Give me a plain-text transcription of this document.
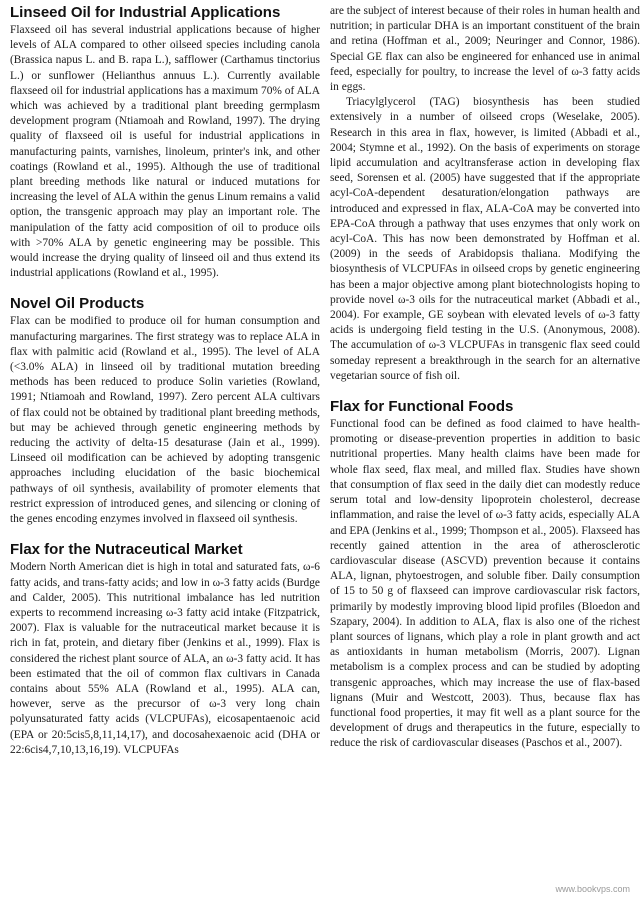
Linseed Oil for Industrial Applications

Flaxseed oil has several industrial applications because of higher levels of ALA compared to other oilseed species including canola (Brassica napus L. and B. rapa L.), safflower (Carthamus tinctorius L.) or sunflower (Helianthus annuus L.). Currently available flaxseed oil for industrial applications has a maximum 70% of ALA which was achieved by a traditional plant breeding germplasm development program (Ntiamoah and Rowland, 1997). The drying quality of flaxseed oil is useful for industrial applications in manufacturing paints, varnishes, linoleum, printer's ink, and other coatings (Rowland et al., 1995). Although the use of traditional plant breeding methods like natural or induced mutations for increasing the level of ALA within the genus Linum remains a valid option, the transgenic approach may play an important role. The manipulation of the fatty acid composition of oil to produce oils with >70% ALA by genetic engineering may be possible. This would increase the drying quality of linseed oil and thus extend its industrial applications (Rowland et al., 1995).

Novel Oil Products

Flax can be modified to produce oil for human consumption and manufacturing margarines. The first strategy was to replace ALA in flax with palmitic acid (Rowland et al., 1995). The level of ALA (<3.0% ALA) in linseed oil by traditional mutation breeding methods has been reduced to produce Solin varieties (Rowland, 1991; Ntiamoah and Rowland, 1997). Zero percent ALA cultivars of flax could not be obtained by traditional plant breeding methods, but may be achieved through genetic engineering methods by reducing the activity of delta-15 desaturase (Jain et al., 1999). Linseed oil modification can be achieved by adopting transgenic approaches including elucidation of the basic biochemical pathways of oil synthesis, availability of promoter elements that restrict expression of introduced genes, and silencing or cloning of the genes encoding enzymes involved in flaxseed oil synthesis.

Flax for the Nutraceutical Market

Modern North American diet is high in total and saturated fats, ω-6 fatty acids, and trans-fatty acids; and low in ω-3 fatty acids (Burdge and Calder, 2005). This nutritional imbalance has led nutrition experts to recommend increasing ω-3 fatty acid intake (Fitzpatrick, 2007). Flax is valuable for the nutraceutical market because it is rich in fat, protein, and dietary fiber (Jenkins et al., 1999). Flax is considered the richest plant source of ALA, an ω-3 fatty acid. It has been estimated that the oil of common flax cultivars in Canada contains about 55% ALA (Rowland et al., 1995). ALA can, however, serve as the precursor of ω-3 very long chain polyunsaturated fatty acids (VLCPUFAs), eicosapentaenoic acid (EPA or 20:5cis5,8,11,14,17), and docosahexaenoic acid (DHA or 22:6cis4,7,10,13,16,19). VLCPUFAs

are the subject of interest because of their roles in human health and nutrition; in particular DHA is an important constituent of the brain and retina (Hoffman et al., 2009; Neuringer and Connor, 1986). Special GE flax can also be engineered for enhanced use in animal feed, especially for poultry, to increase the level of ω-3 fatty acids in eggs.

Triacylglycerol (TAG) biosynthesis has been studied extensively in a number of oilseed crops (Weselake, 2005). Research in this area in flax, however, is limited (Abbadi et al., 2004; Stymne et al., 1992). On the basis of experiments on storage lipid accumulation and acyltransferase action in developing flax seed, Sorensen et al. (2005) have suggested that if the appropriate acyl-CoA-dependent desaturation/elongation pathways are introduced and expressed in flax, ALA-CoA may be converted into EPA-CoA through a pathway that uses enzymes that only work on acyl-CoA. This has now been demonstrated by Hoffman et al. (2009) in the seeds of Arabidopsis thaliana. Modifying the biosynthesis of VLCPUFAs in oilseed crops by genetic engineering has been a major objective among plant biotechnologists hoping to provide novel ω-3 oils for the nutraceutical market (Abbadi et al., 2004). For example, GE soybean with elevated levels of ω-3 fatty acids is undergoing field testing in the U.S. (Anonymous, 2008). The accumulation of ω-3 VLCPUFAs in transgenic flax seed could someday represent a breakthrough in the search for an alternative vegetarian source of fish oil.

Flax for Functional Foods

Functional food can be defined as food claimed to have health-promoting or disease-prevention properties in addition to basic nutritional properties. Many health claims have been made for whole flax seed, flax meal, and milled flax. Studies have shown that consumption of flax seed in the daily diet can modestly reduce serum total and low-density lipoprotein cholesterol, decrease inflammation, and raise the level of ω-3 fatty acids, especially ALA and EPA (Jenkins et al., 1999; Thompson et al., 2005). Flaxseed has recently gained attention in the area of atherosclerotic cardiovascular disease (ASCVD) prevention because it contains ALA, lignan, phytoestrogen, and soluble fiber. Daily consumption of 15 to 50 g of flaxseed can improve cardiovascular risk factors, primarily by modestly improving blood lipid profiles (Bloedon and Szapary, 2004). In addition to ALA, flax is also one of the richest plant sources of lignans, which play a role in plant growth and act as antioxidants in human metabolism (Morris, 2007). Lignan metabolism is a complex process and can be studied by adopting transgenic approaches, which may increase the use of flax-based lignans (Muir and Westcott, 2003). Thus, because flax has functional food properties, it may fit well as a plant source for the development of drugs and therapeutics in the future, especially to reduce the risk of cardiovascular diseases (Paschos et al., 2007).

www.bookvps.com
